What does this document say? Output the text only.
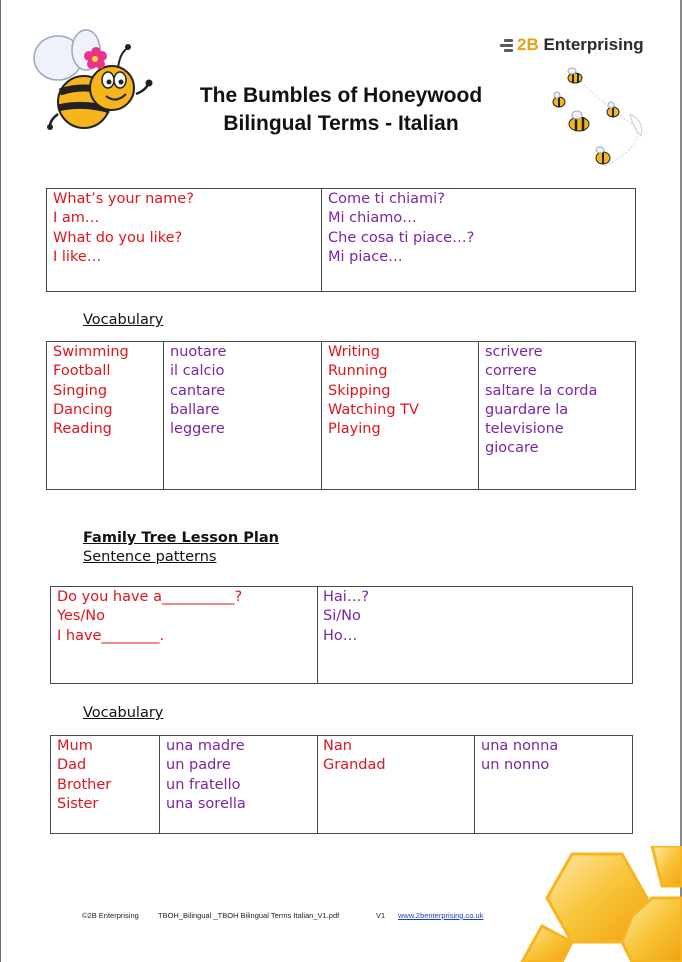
The Bumbles of Honeywood
Bilingual Terms - Italian
2B Enterprising
What’s your name?
I am…
What do you like?
I like…
Come ti chiami?
Mi chiamo…
Che cosa ti piace…?
Mi piace…
Vocabulary
Swimming
Football
Singing
Dancing
Reading
nuotare
il calcio
cantare
ballare
leggere
Writing
Running
Skipping
Watching TV
Playing
scrivere
correre
saltare la corda
guardare la
televisione
giocare
Family Tree Lesson Plan
Sentence patterns
Do you have a__________?
Yes/No
I have________.
Hai…?
Si/No
Ho…
Vocabulary
Mum
Dad
Brother
Sister
una madre
un padre
un fratello
una sorella
Nan
Grandad
una nonna
un nonno
©2B Enterprising	TBOH_Bilingual _TBOH Bilingual Terms Italian_V1.pdf	V1 www.2benterprising.co.uk
